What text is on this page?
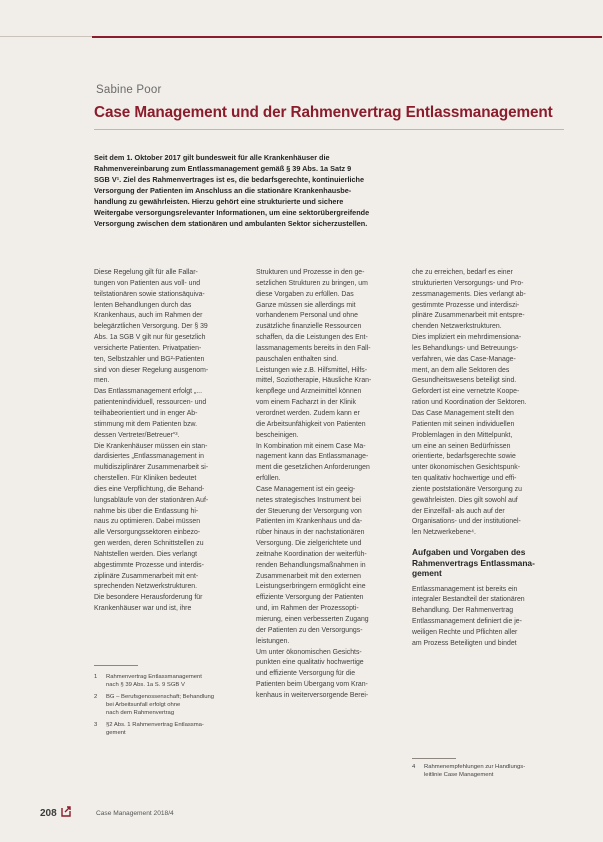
Sabine Poor
Case Management und der Rahmenvertrag Entlassmanagement

Seit dem 1. Oktober 2017 gilt bundesweit für alle Krankenhäuser die

Rahmenvereinbarung zum Entlassmanagement gemäß § 39 Abs. 1a Satz 9

SGB V¹. Ziel des Rahmenvertrages ist es, die bedarfsgerechte, kontinuierliche

Versorgung der Patienten im Anschluss an die stationäre Krankenhausbe-

handlung zu gewährleisten. Hierzu gehört eine strukturierte und sichere

Weitergabe versorgungsrelevanter Informationen, um eine sektorübergreifende

Versorgung zwischen dem stationären und ambulanten Sektor sicherzustellen.

Diese Regelung gilt für alle Fallar-

tungen von Patienten aus voll- und

teilstationären sowie stationsäquiva-

lenten Behandlungen durch das

Krankenhaus, auch im Rahmen der

belegärztlichen Versorgung. Der § 39

Abs. 1a SGB V gilt nur für gesetzlich

versicherte Patienten. Privatpatien-

ten, Selbstzahler und BG²-Patienten

sind von dieser Regelung ausgenom-

men.

Das Entlassmanagement erfolgt „...

patientenindividuell, ressourcen- und

teilhabeorientiert und in enger Ab-

stimmung mit dem Patienten bzw.

dessen Vertreter/Betreuer“³.

Die Krankenhäuser müssen ein stan-

dardisiertes „Entlassmanagement in

multidisziplinärer Zusammenarbeit si-

cherstellen. Für Kliniken bedeutet

dies eine Verpflichtung, die Behand-

lungsabläufe von der stationären Auf-

nahme bis über die Entlassung hi-

naus zu optimieren. Dabei müssen

alle Versorgungssektoren einbezo-

gen werden, deren Schnittstellen zu

Nahtstellen werden. Dies verlangt

abgestimmte Prozesse und interdis-

ziplinäre Zusammenarbeit mit ent-

sprechenden Netzwerkstrukturen.

Die besondere Herausforderung für

Krankenhäuser war und ist, ihre

Strukturen und Prozesse in den ge-

setzlichen Strukturen zu bringen, um

diese Vorgaben zu erfüllen. Das

Ganze müssen sie allerdings mit

vorhandenem Personal und ohne

zusätzliche finanzielle Ressourcen

schaffen, da die Leistungen des Ent-

lassmanagements bereits in den Fall-

pauschalen enthalten sind.

Leistungen wie z.B. Hilfsmittel, Hilfs-

mittel, Soziotherapie, Häusliche Kran-

kenpflege und Arzneimittel können

vom einem Facharzt in der Klinik

verordnet werden. Zudem kann er

die Arbeitsunfähigkeit von Patienten

bescheinigen.

In Kombination mit einem Case Ma-

nagement kann das Entlassmanage-

ment die gesetzlichen Anforderungen

erfüllen.

Case Management ist ein geeig-

netes strategisches Instrument bei

der Steuerung der Versorgung von

Patienten im Krankenhaus und da-

rüber hinaus in der nachstationären

Versorgung. Die zielgerichtete und

zeitnahe Koordination der weiterfüh-

renden Behandlungsmaßnahmen in

Zusammenarbeit mit den externen

Leistungserbringern ermöglicht eine

effiziente Versorgung der Patienten

und, im Rahmen der Prozessopti-

mierung, einen verbesserten Zugang

der Patienten zu den Versorgungs-

leistungen.

Um unter ökonomischen Gesichts-

punkten eine qualitativ hochwertige

und effiziente Versorgung für die

Patienten beim Übergang vom Kran-

kenhaus in weiterversorgende Berei-

che zu erreichen, bedarf es einer

strukturierten Versorgungs- und Pro-

zessmanagements. Dies verlangt ab-

gestimmte Prozesse und interdiszi-

plinäre Zusammenarbeit mit entspre-

chenden Netzwerkstrukturen.

Dies impliziert ein mehrdimensiona-

les Behandlungs- und Betreuungs-

verfahren, wie das Case-Manage-

ment, an dem alle Sektoren des

Gesundheitswesens beteiligt sind.

Gefordert ist eine vernetzte Koope-

ration und Koordination der Sektoren.

Das Case Management stellt den

Patienten mit seinen individuellen

Problemlagen in den Mittelpunkt,

um eine an seinen Bedürfnissen

orientierte, bedarfsgerechte sowie

unter ökonomischen Gesichtspunk-

ten qualitativ hochwertige und effi-

ziente poststationäre Versorgung zu

gewährleisten. Dies gilt sowohl auf

der Einzelfall- als auch auf der

Organisations- und der institutionel-

len Netzwerkebene⁴.

Aufgaben und Vorgaben des Rahmenvertrags Entlassmana-gement

Entlassmanagement ist bereits ein

integraler Bestandteil der stationären

Behandlung. Der Rahmenvertrag

Entlassmanagement definiert die je-

weiligen Rechte und Pflichten aller

am Prozess Beteiligten und bindet

1	Rahmenvertrag Entlassmanagement

nach § 39 Abs. 1a S. 9 SGB V

2	BG – Berufsgenossenschaft; Behandlung

bei Arbeitsunfall erfolgt ohne

nach dem Rahmenvertrag

3	§2 Abs. 1 Rahmenvertrag Entlassma-

gement

4	Rahmenempfehlungen zur Handlungs-

leitlinie Case Management

208	Case Management 2018/4
